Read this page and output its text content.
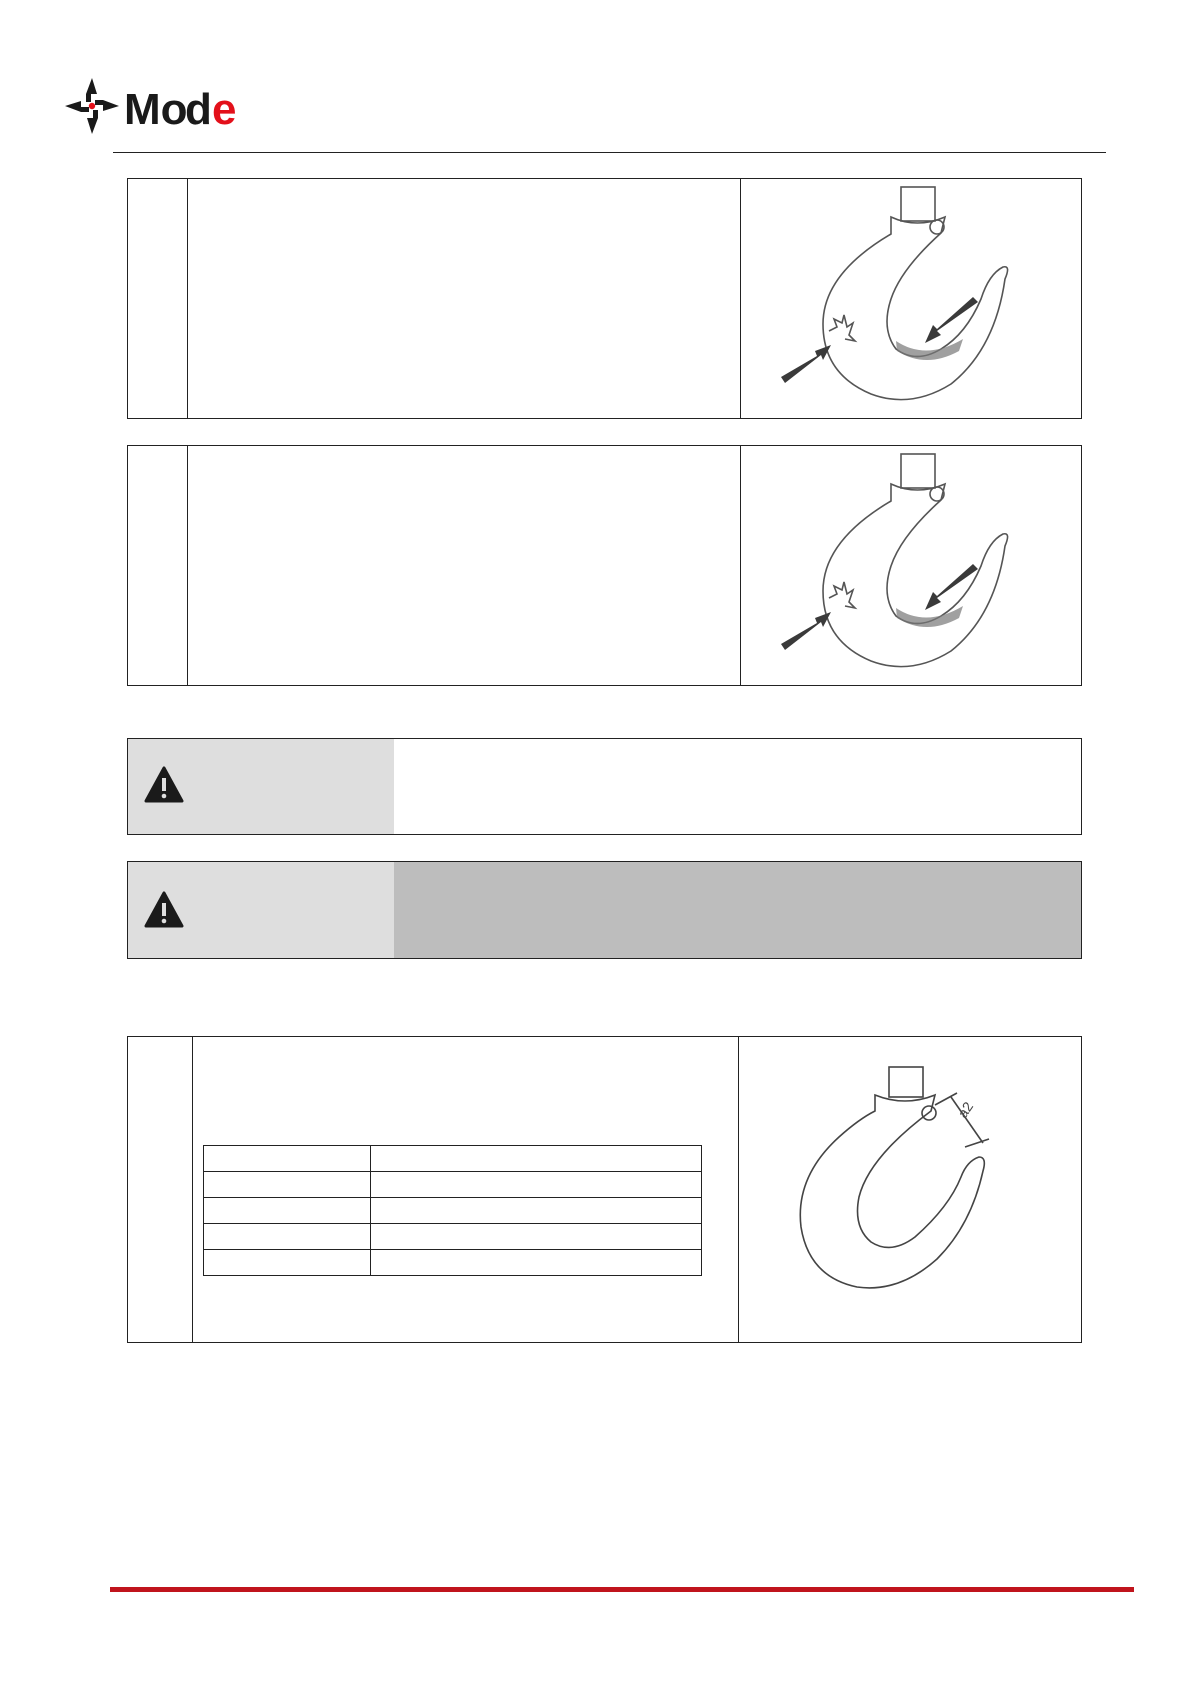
Mo
d e
a2
